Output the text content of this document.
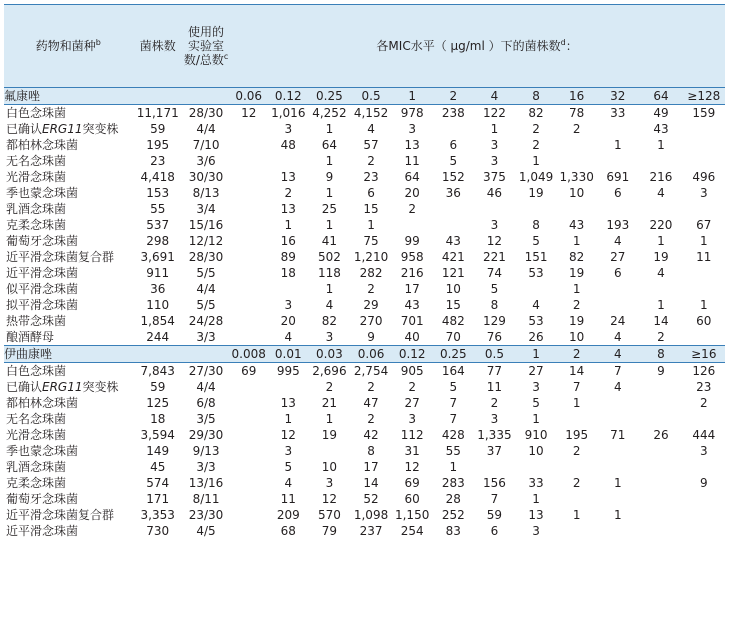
药物和菌种$^b$	菌株数	使用的实验室数/总数$^c$	各MIC水平（ μg/ml ）下的菌株数$^d$：											
氟康唑			0.06	0.12	0.25	0.5	1	2	4	8	16	32	64	≥128
白色念珠菌	11,171	28/30	12	1,016	4,252	4,152	978	238	122	82	78	33	49	159
已确认ERG11突变株	59	4/4		3	1	4	3		1	2	2		43	
都柏林念珠菌	195	7/10		48	64	57	13	6	3	2		1	1	
无名念珠菌	23	3/6			1	2	11	5	3	1				
光滑念珠菌	4,418	30/30		13	9	23	64	152	375	1,049	1,330	691	216	496
季也蒙念珠菌	153	8/13		2	1	6	20	36	46	19	10	6	4	3
乳酒念珠菌	55	3/4		13	25	15	2							
克柔念珠菌	537	15/16		1	1	1			3	8	43	193	220	67
葡萄牙念珠菌	298	12/12		16	41	75	99	43	12	5	1	4	1	1
近平滑念珠菌复合群	3,691	28/30		89	502	1,210	958	421	221	151	82	27	19	11
近平滑念珠菌	911	5/5		18	118	282	216	121	74	53	19	6	4	
似平滑念珠菌	36	4/4			1	2	17	10	5		1			
拟平滑念珠菌	110	5/5		3	4	29	43	15	8	4	2		1	1
热带念珠菌	1,854	24/28		20	82	270	701	482	129	53	19	24	14	60
酿酒酵母	244	3/3		4	3	9	40	70	76	26	10	4	2	
伊曲康唑			0.008	0.01	0.03	0.06	0.12	0.25	0.5	1	2	4	8	≥16
白色念珠菌	7,843	27/30	69	995	2,696	2,754	905	164	77	27	14	7	9	126
已确认ERG11突变株	59	4/4			2	2	2	5	11	3	7	4		23
都柏林念珠菌	125	6/8		13	21	47	27	7	2	5	1			2
无名念珠菌	18	3/5		1	1	2	3	7	3	1				
光滑念珠菌	3,594	29/30		12	19	42	112	428	1,335	910	195	71	26	444
季也蒙念珠菌	149	9/13		3		8	31	55	37	10	2			3
乳酒念珠菌	45	3/3		5	10	17	12	1						
克柔念珠菌	574	13/16		4	3	14	69	283	156	33	2	1		9
葡萄牙念珠菌	171	8/11		11	12	52	60	28	7	1				
近平滑念珠菌复合群	3,353	23/30		209	570	1,098	1,150	252	59	13	1	1		
近平滑念珠菌	730	4/5		68	79	237	254	83	6	3				
